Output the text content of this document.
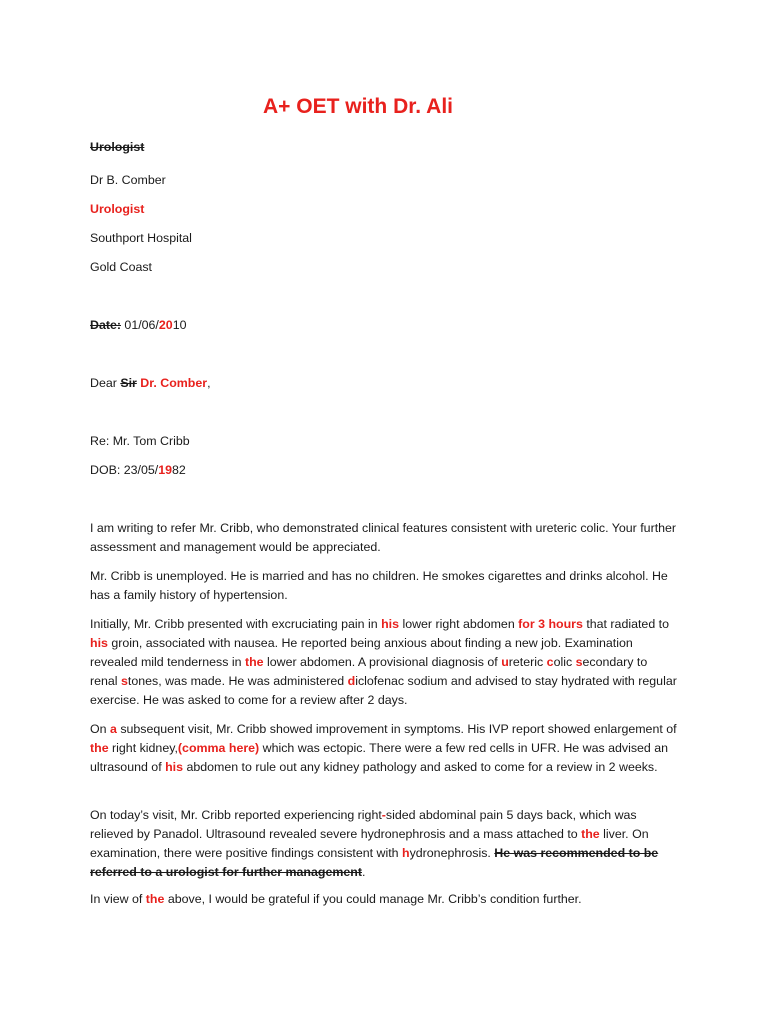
A+ OET with Dr. Ali
Urologist
Dr B. Comber
Urologist
Southport Hospital
Gold Coast
Date: 01/06/2010
Dear Sir Dr. Comber,
Re: Mr. Tom Cribb
DOB: 23/05/1982
I am writing to refer Mr. Cribb, who demonstrated clinical features consistent with ureteric colic. Your further assessment and management would be appreciated.
Mr. Cribb is unemployed. He is married and has no children. He smokes cigarettes and drinks alcohol. He has a family history of hypertension.
Initially, Mr. Cribb presented with excruciating pain in his lower right abdomen for 3 hours that radiated to his groin, associated with nausea. He reported being anxious about finding a new job. Examination revealed mild tenderness in the lower abdomen. A provisional diagnosis of ureteric colic secondary to renal stones, was made. He was administered diclofenac sodium and advised to stay hydrated with regular exercise. He was asked to come for a review after 2 days.
On a subsequent visit, Mr. Cribb showed improvement in symptoms. His IVP report showed enlargement of the right kidney,(comma here) which was ectopic. There were a few red cells in UFR. He was advised an ultrasound of his abdomen to rule out any kidney pathology and asked to come for a review in 2 weeks.
On today’s visit, Mr. Cribb reported experiencing right-sided abdominal pain 5 days back, which was relieved by Panadol. Ultrasound revealed severe hydronephrosis and a mass attached to the liver. On examination, there were positive findings consistent with hydronephrosis. He was recommended to be referred to a urologist for further management.
In view of the above, I would be grateful if you could manage Mr. Cribb’s condition further.
